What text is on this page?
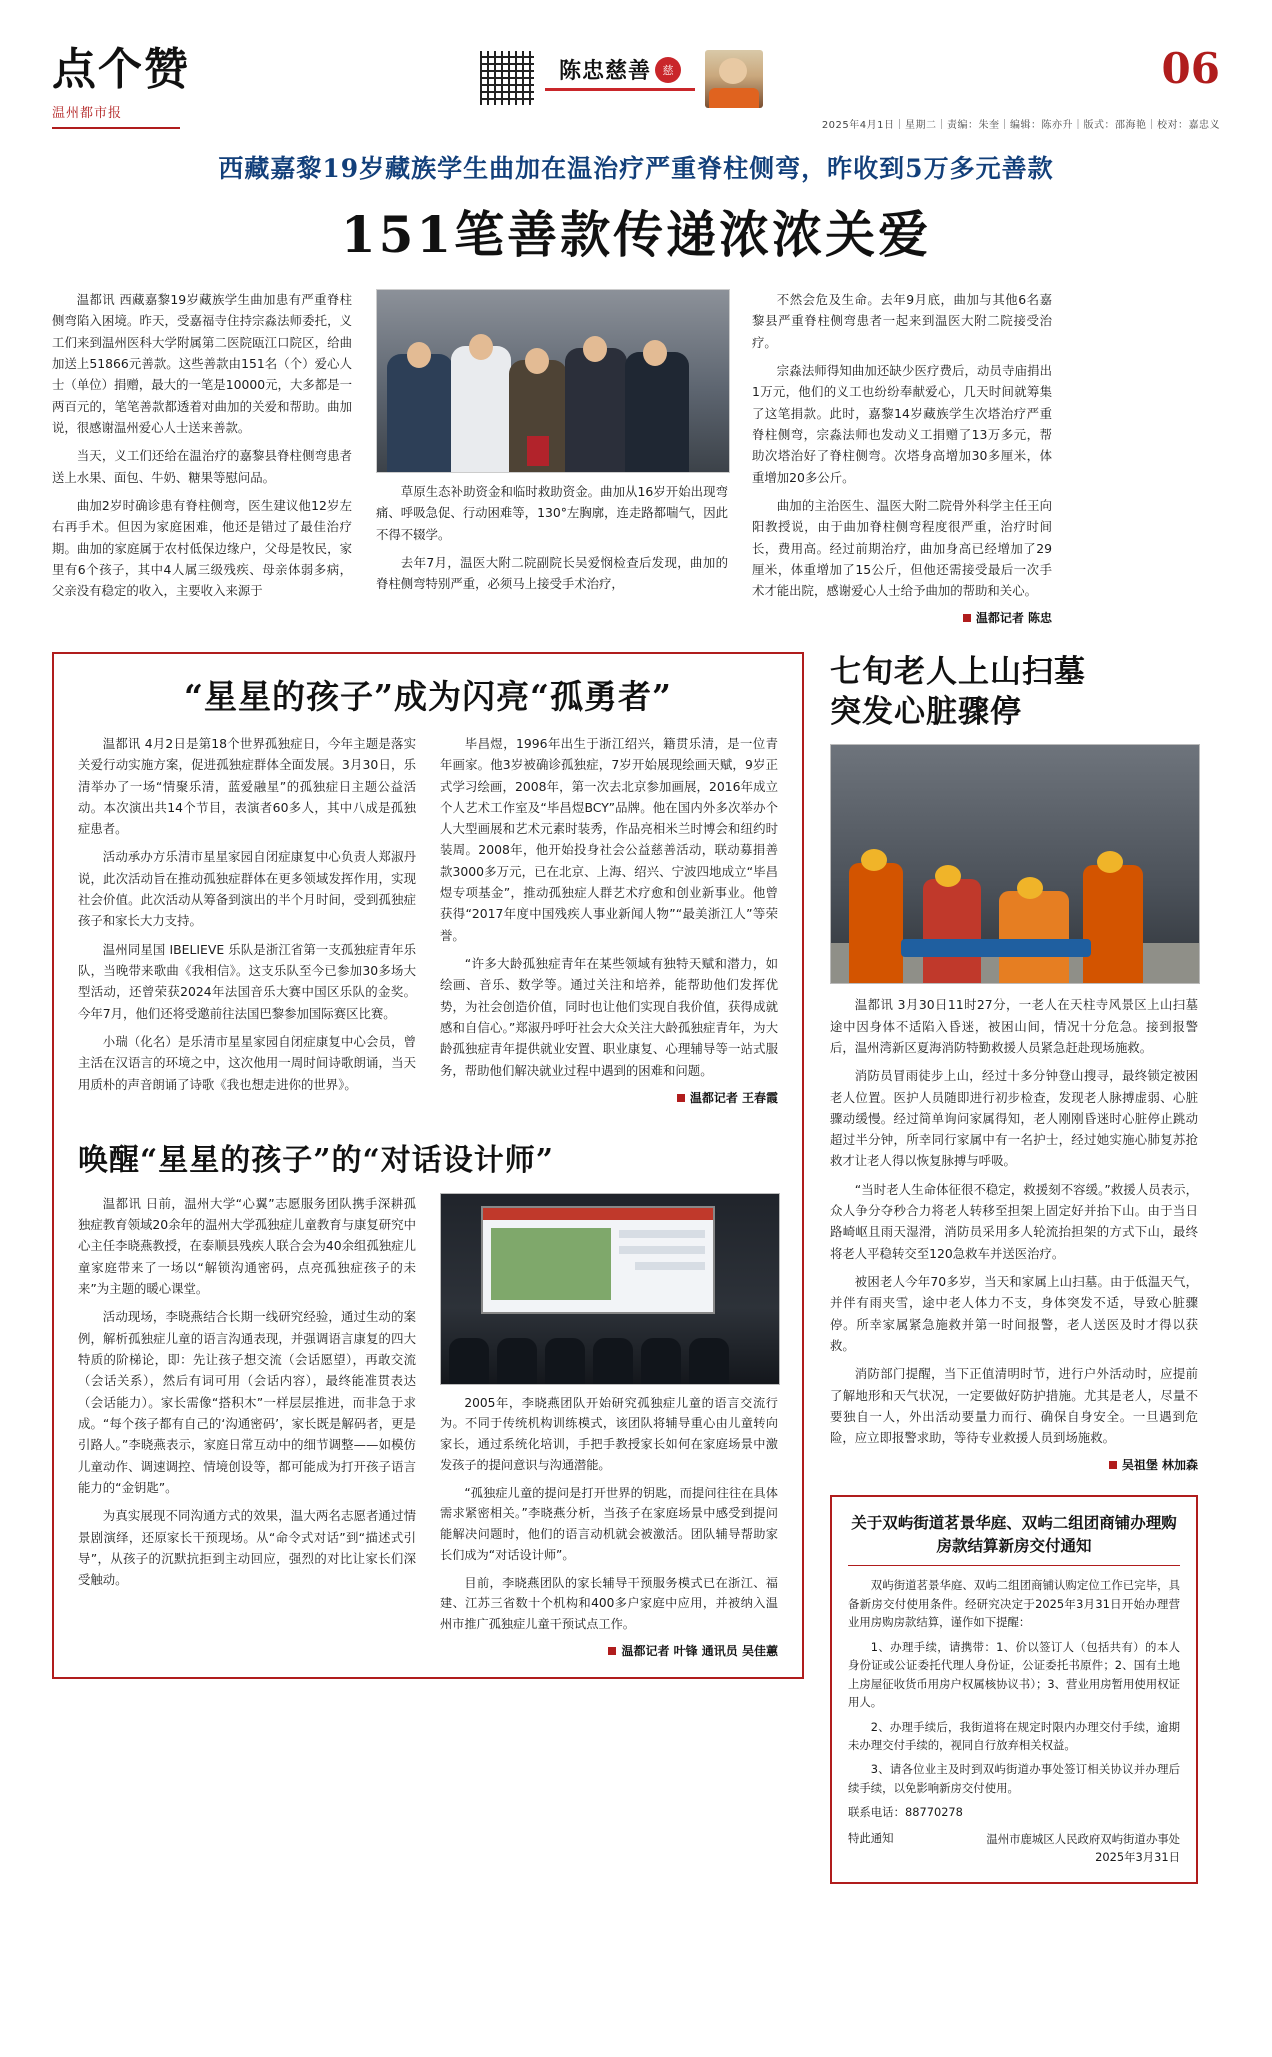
点个赞
温州都市报
陈忠慈善	慈	06
2025年4月1日｜星期二｜责编：朱奎｜编辑：陈亦升｜版式：邵海艳｜校对：嘉忠义
西藏嘉黎19岁藏族学生曲加在温治疗严重脊柱侧弯，昨收到5万多元善款
151笔善款传递浓浓关爱

温都讯 西藏嘉黎19岁藏族学生曲加患有严重脊柱侧弯陷入困境。昨天，受嘉福寺住持宗淼法师委托，义工们来到温州医科大学附属第二医院瓯江口院区，给曲加送上51866元善款。这些善款由151名（个）爱心人士（单位）捐赠，最大的一笔是10000元，大多都是一两百元的，笔笔善款都透着对曲加的关爱和帮助。曲加说，很感谢温州爱心人士送来善款。

当天，义工们还给在温治疗的嘉黎县脊柱侧弯患者送上水果、面包、牛奶、糖果等慰问品。

曲加2岁时确诊患有脊柱侧弯，医生建议他12岁左右再手术。但因为家庭困难，他还是错过了最佳治疗期。曲加的家庭属于农村低保边缘户，父母是牧民，家里有6个孩子，其中4人属三级残疾、母亲体弱多病，父亲没有稳定的收入，主要收入来源于

草原生态补助资金和临时救助资金。曲加从16岁开始出现弯痛、呼吸急促、行动困难等，130°左胸廓，连走路都喘气，因此不得不辍学。

去年7月，温医大附二院副院长吴爱悯检查后发现，曲加的脊柱侧弯特别严重，必须马上接受手术治疗，

不然会危及生命。去年9月底，曲加与其他6名嘉黎县严重脊柱侧弯患者一起来到温医大附二院接受治疗。

宗淼法师得知曲加还缺少医疗费后，动员寺庙捐出1万元，他们的义工也纷纷奉献爱心，几天时间就筹集了这笔捐款。此时，嘉黎14岁藏族学生次塔治疗严重脊柱侧弯，宗淼法师也发动义工捐赠了13万多元，帮助次塔治好了脊柱侧弯。次塔身高增加30多厘米，体重增加20多公斤。

曲加的主治医生、温医大附二院骨外科学主任王向阳教授说，由于曲加脊柱侧弯程度很严重，治疗时间长，费用高。经过前期治疗，曲加身高已经增加了29厘米，体重增加了15公斤，但他还需接受最后一次手术才能出院，感谢爱心人士给予曲加的帮助和关心。

温都记者 陈忠
“星星的孩子”成为闪亮“孤勇者”

温都讯 4月2日是第18个世界孤独症日，今年主题是落实关爱行动实施方案，促进孤独症群体全面发展。3月30日，乐清举办了一场“情聚乐清，蓝爱融星”的孤独症日主题公益活动。本次演出共14个节目，表演者60多人，其中八成是孤独症患者。

活动承办方乐清市星星家园自闭症康复中心负责人郑淑丹说，此次活动旨在推动孤独症群体在更多领域发挥作用，实现社会价值。此次活动从筹备到演出的半个月时间，受到孤独症孩子和家长大力支持。

温州同星国 IBELIEVE 乐队是浙江省第一支孤独症青年乐队，当晚带来歌曲《我相信》。这支乐队至今已参加30多场大型活动，还曾荣获2024年法国音乐大赛中国区乐队的金奖。今年7月，他们还将受邀前往法国巴黎参加国际赛区比赛。

小瑞（化名）是乐清市星星家园自闭症康复中心会员，曾主活在汉语言的环境之中，这次他用一周时间诗歌朗诵，当天用质朴的声音朗诵了诗歌《我也想走进你的世界》。

毕昌煜，1996年出生于浙江绍兴，籍贯乐清，是一位青年画家。他3岁被确诊孤独症，7岁开始展现绘画天赋，9岁正式学习绘画，2008年，第一次去北京参加画展，2016年成立个人艺术工作室及“毕昌煜BCY”品牌。他在国内外多次举办个人大型画展和艺术元素时装秀，作品亮相米兰时博会和纽约时装周。2008年，他开始投身社会公益慈善活动，联动募捐善款3000多万元，已在北京、上海、绍兴、宁波四地成立“毕昌煜专项基金”，推动孤独症人群艺术疗愈和创业新事业。他曾获得“2017年度中国残疾人事业新闻人物”“最美浙江人”等荣誉。

“许多大龄孤独症青年在某些领域有独特天赋和潜力，如绘画、音乐、数学等。通过关注和培养，能帮助他们发挥优势，为社会创造价值，同时也让他们实现自我价值，获得成就感和自信心。”郑淑丹呼吁社会大众关注大龄孤独症青年，为大龄孤独症青年提供就业安置、职业康复、心理辅导等一站式服务，帮助他们解决就业过程中遇到的困难和问题。

温都记者 王春霞
唤醒“星星的孩子”的“对话设计师”

温都讯 日前，温州大学“心翼”志愿服务团队携手深耕孤独症教育领域20余年的温州大学孤独症儿童教育与康复研究中心主任李晓燕教授，在泰顺县残疾人联合会为40余组孤独症儿童家庭带来了一场以“解锁沟通密码，点亮孤独症孩子的未来”为主题的暖心课堂。

活动现场，李晓燕结合长期一线研究经验，通过生动的案例，解析孤独症儿童的语言沟通表现，并强调语言康复的四大特质的阶梯论，即：先让孩子想交流（会话愿望），再敢交流（会话关系），然后有词可用（会话内容），最终能准贯表达（会话能力）。家长需像“搭积木”一样层层推进，而非急于求成。“每个孩子都有自己的‘沟通密码’，家长既是解码者，更是引路人。”李晓燕表示，家庭日常互动中的细节调整——如模仿儿童动作、调速调控、情境创设等，都可能成为打开孩子语言能力的“金钥匙”。

为真实展现不同沟通方式的效果，温大两名志愿者通过情景剧演绎，还原家长干预现场。从“命令式对话”到“描述式引导”，从孩子的沉默抗拒到主动回应，强烈的对比让家长们深受触动。

2005年，李晓燕团队开始研究孤独症儿童的语言交流行为。不同于传统机构训练模式，该团队将辅导重心由儿童转向家长，通过系统化培训，手把手教授家长如何在家庭场景中激发孩子的提问意识与沟通潜能。

“孤独症儿童的提问是打开世界的钥匙，而提问往往在具体需求紧密相关。”李晓燕分析，当孩子在家庭场景中感受到提问能解决问题时，他们的语言动机就会被激活。团队辅导帮助家长们成为“对话设计师”。

目前，李晓燕团队的家长辅导干预服务模式已在浙江、福建、江苏三省数十个机构和400多户家庭中应用，并被纳入温州市推广孤独症儿童干预试点工作。

温都记者 叶锋 通讯员 吴佳蕙
七旬老人上山扫墓
突发心脏骤停

温都讯 3月30日11时27分，一老人在天柱寺风景区上山扫墓途中因身体不适陷入昏迷，被困山间，情况十分危急。接到报警后，温州湾新区夏海消防特勤救援人员紧急赶赴现场施救。

消防员冒雨徒步上山，经过十多分钟登山搜寻，最终锁定被困老人位置。医护人员随即进行初步检查，发现老人脉搏虚弱、心脏骤动缓慢。经过简单询问家属得知，老人刚刚昏迷时心脏停止跳动超过半分钟，所幸同行家属中有一名护士，经过她实施心肺复苏抢救才让老人得以恢复脉搏与呼吸。

“当时老人生命体征很不稳定，救援刻不容缓。”救援人员表示，众人争分夺秒合力将老人转移至担架上固定好并抬下山。由于当日路崎岖且雨天湿滑，消防员采用多人轮流抬担架的方式下山，最终将老人平稳转交至120急救车并送医治疗。

被困老人今年70多岁，当天和家属上山扫墓。由于低温天气，并伴有雨夹雪，途中老人体力不支，身体突发不适，导致心脏骤停。所幸家属紧急施救并第一时间报警，老人送医及时才得以获救。

消防部门提醒，当下正值清明时节，进行户外活动时，应提前了解地形和天气状况，一定要做好防护措施。尤其是老人，尽量不要独自一人，外出活动要量力而行、确保自身安全。一旦遇到危险，应立即报警求助，等待专业救援人员到场施救。

吴祖堡 林加森
关于双屿街道茗景华庭、双屿二组团商铺办理购房款结算新房交付通知

双屿街道茗景华庭、双屿二组团商铺认购定位工作已完毕，具备新房交付使用条件。经研究决定于2025年3月31日开始办理营业用房购房款结算，谨作如下提醒：

1、办理手续，请携带：1、价以签订人（包括共有）的本人身份证或公证委托代理人身份证，公证委托书原件；2、国有土地上房屋征收货币用房户权属核协议书）；3、营业用房暂用使用权证用人。

2、办理手续后，我街道将在规定时限内办理交付手续，逾期未办理交付手续的，视同自行放弃相关权益。

3、请各位业主及时到双屿街道办事处签订相关协议并办理后续手续，以免影响新房交付使用。

联系电话：88770278
特此通知	温州市鹿城区人民政府双屿街道办事处
2025年3月31日
